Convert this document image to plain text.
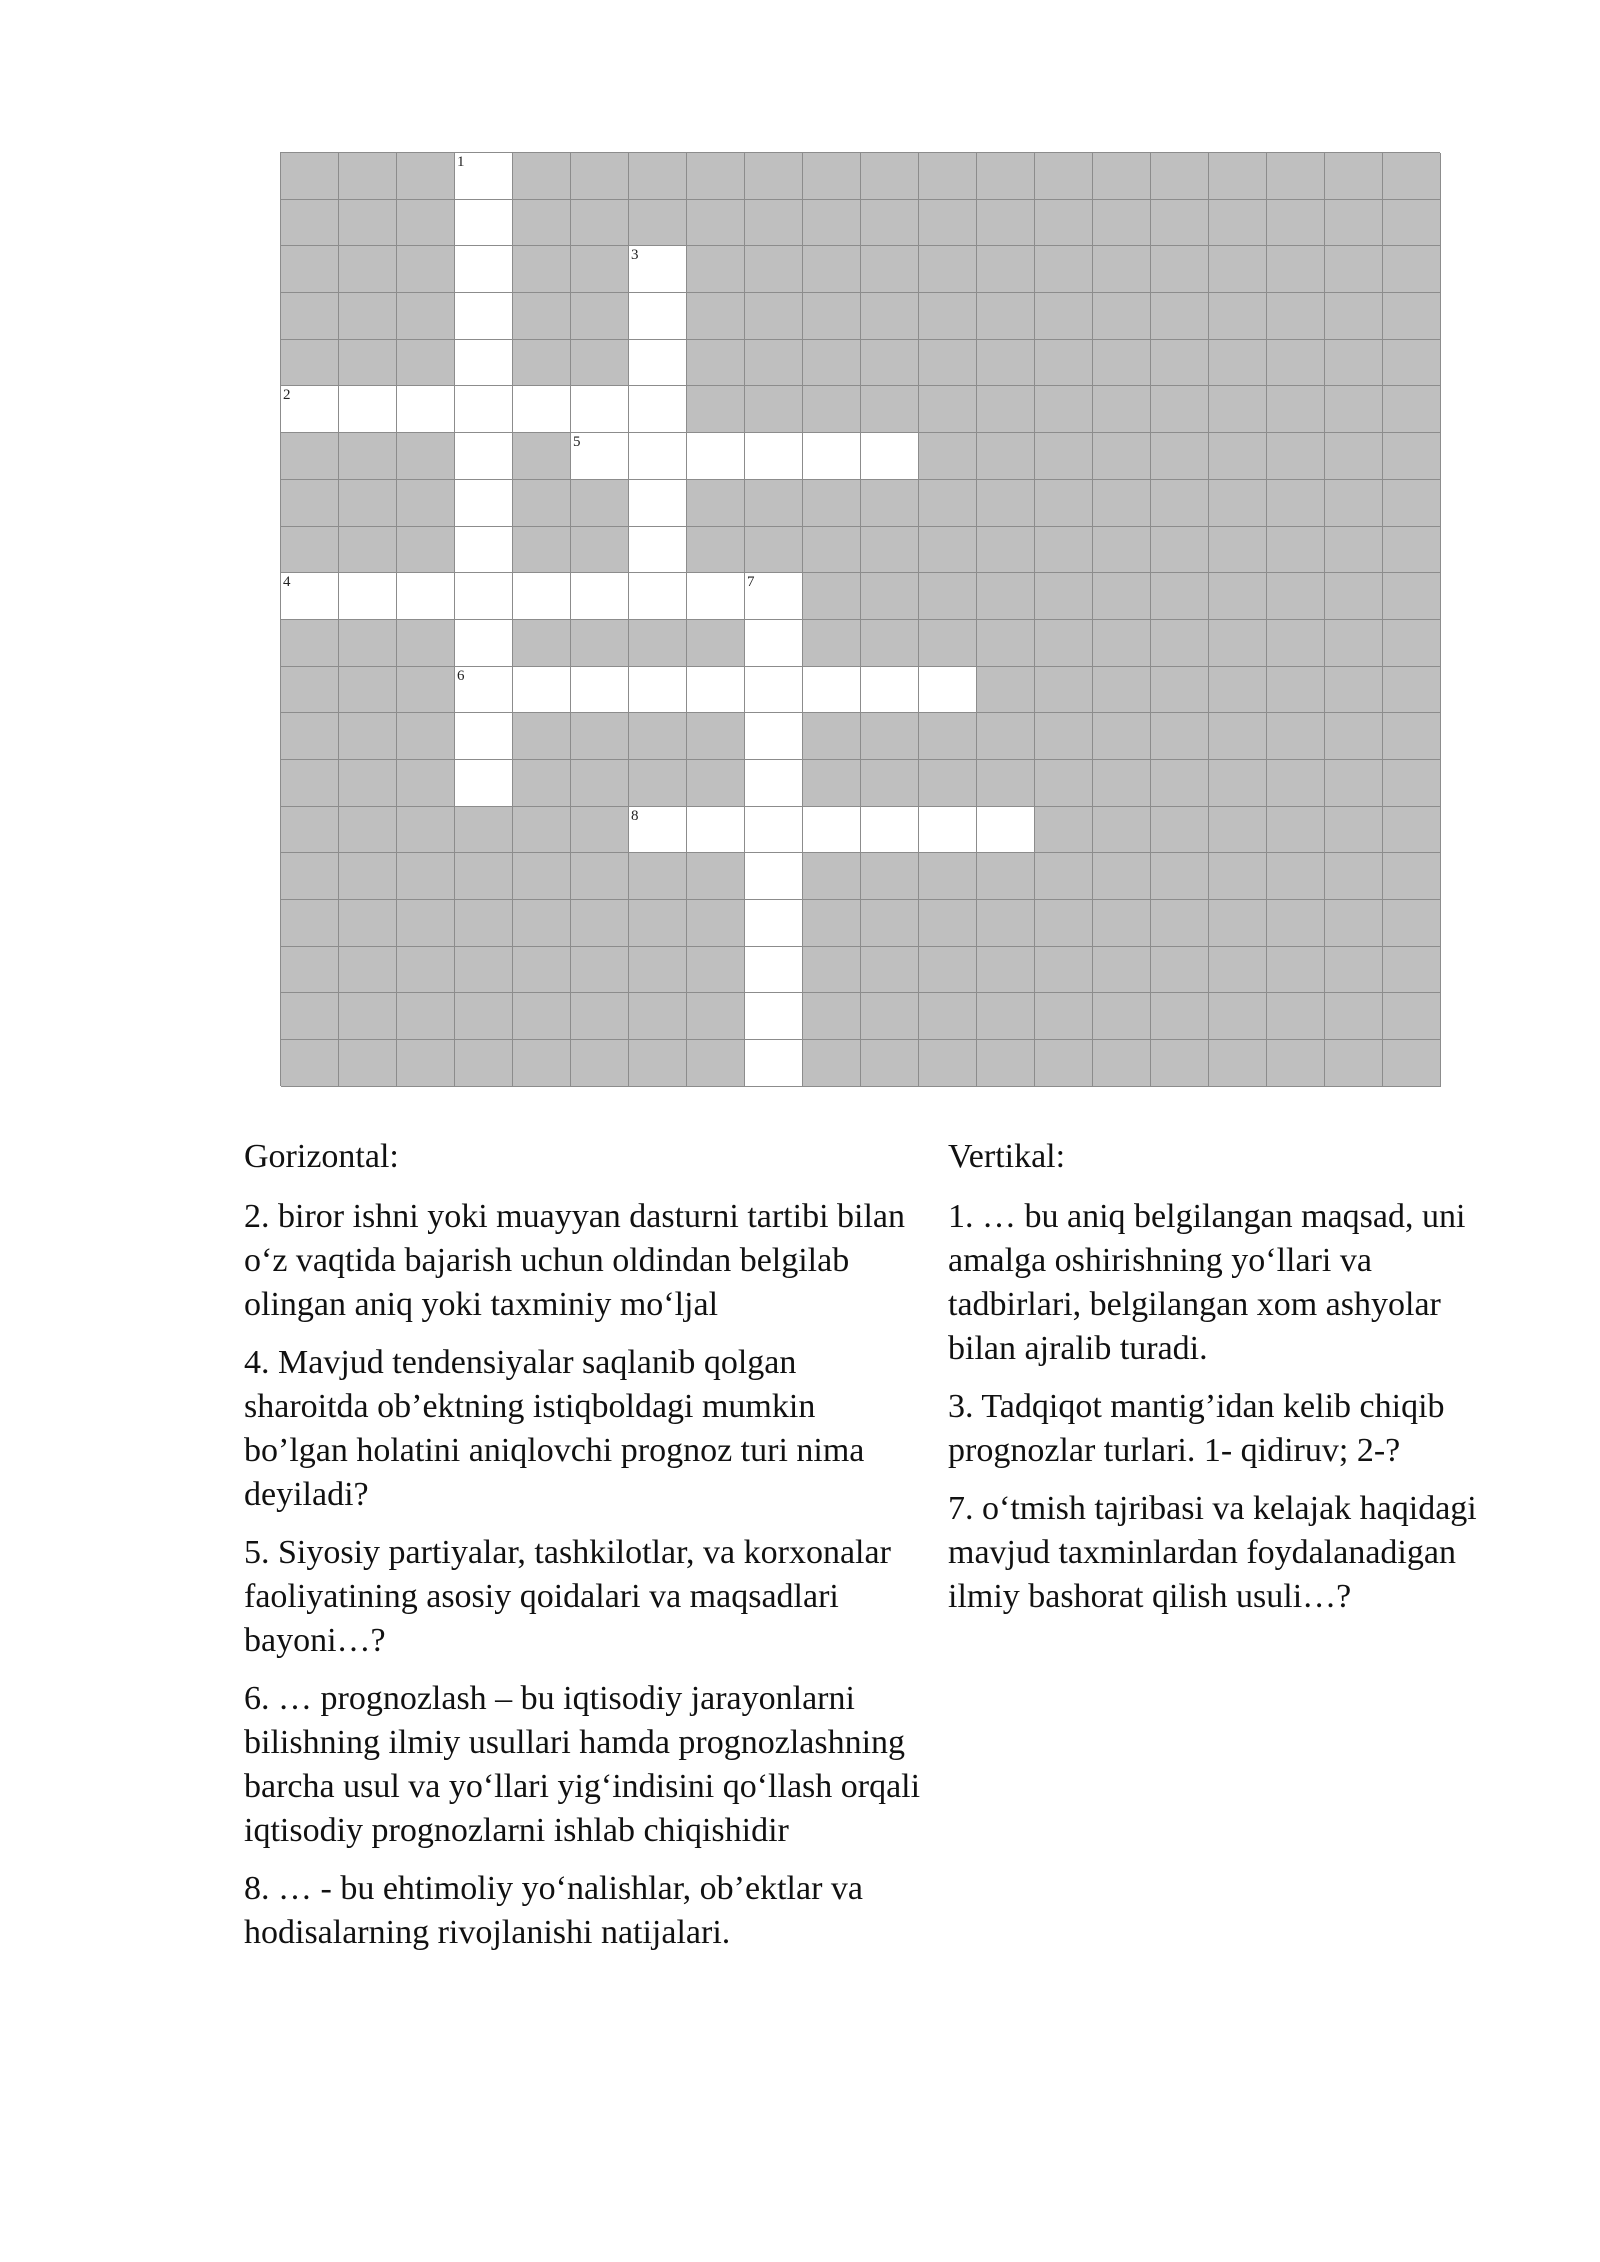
1
3
2
5
4	7
6
8

Gorizontal:

2. biror ishni yoki muayyan dasturni tartibi bilan o‘z vaqtida bajarish uchun oldindan belgilab olingan aniq yoki taxminiy mo‘ljal

4. Mavjud tendensiyalar saqlanib qolgan sharoitda ob’ektning istiqboldagi mumkin bo’lgan holatini aniqlovchi prognoz turi nima deyiladi?

5. Siyosiy partiyalar, tashkilotlar, va korxonalar faoliyatining asosiy qoidalari va maqsadlari bayoni…?

6. … prognozlash – bu iqtisodiy jarayonlarni bilishning ilmiy usullari hamda prognozlashning barcha usul va yo‘llari yig‘indisini qo‘llash orqali iqtisodiy prognozlarni ishlab chiqishidir

8. … - bu ehtimoliy yo‘nalishlar, ob’ektlar va hodisalarning rivojlanishi natijalari.

Vertikal:

1. … bu aniq belgilangan maqsad, uni amalga oshirishning yo‘llari va tadbirlari, belgilangan xom ashyolar bilan ajralib turadi.

3. Tadqiqot mantig’idan kelib chiqib prognozlar turlari. 1- qidiruv; 2-?

7. o‘tmish tajribasi va kelajak haqidagi mavjud taxminlardan foydalanadigan ilmiy bashorat qilish usuli…?
